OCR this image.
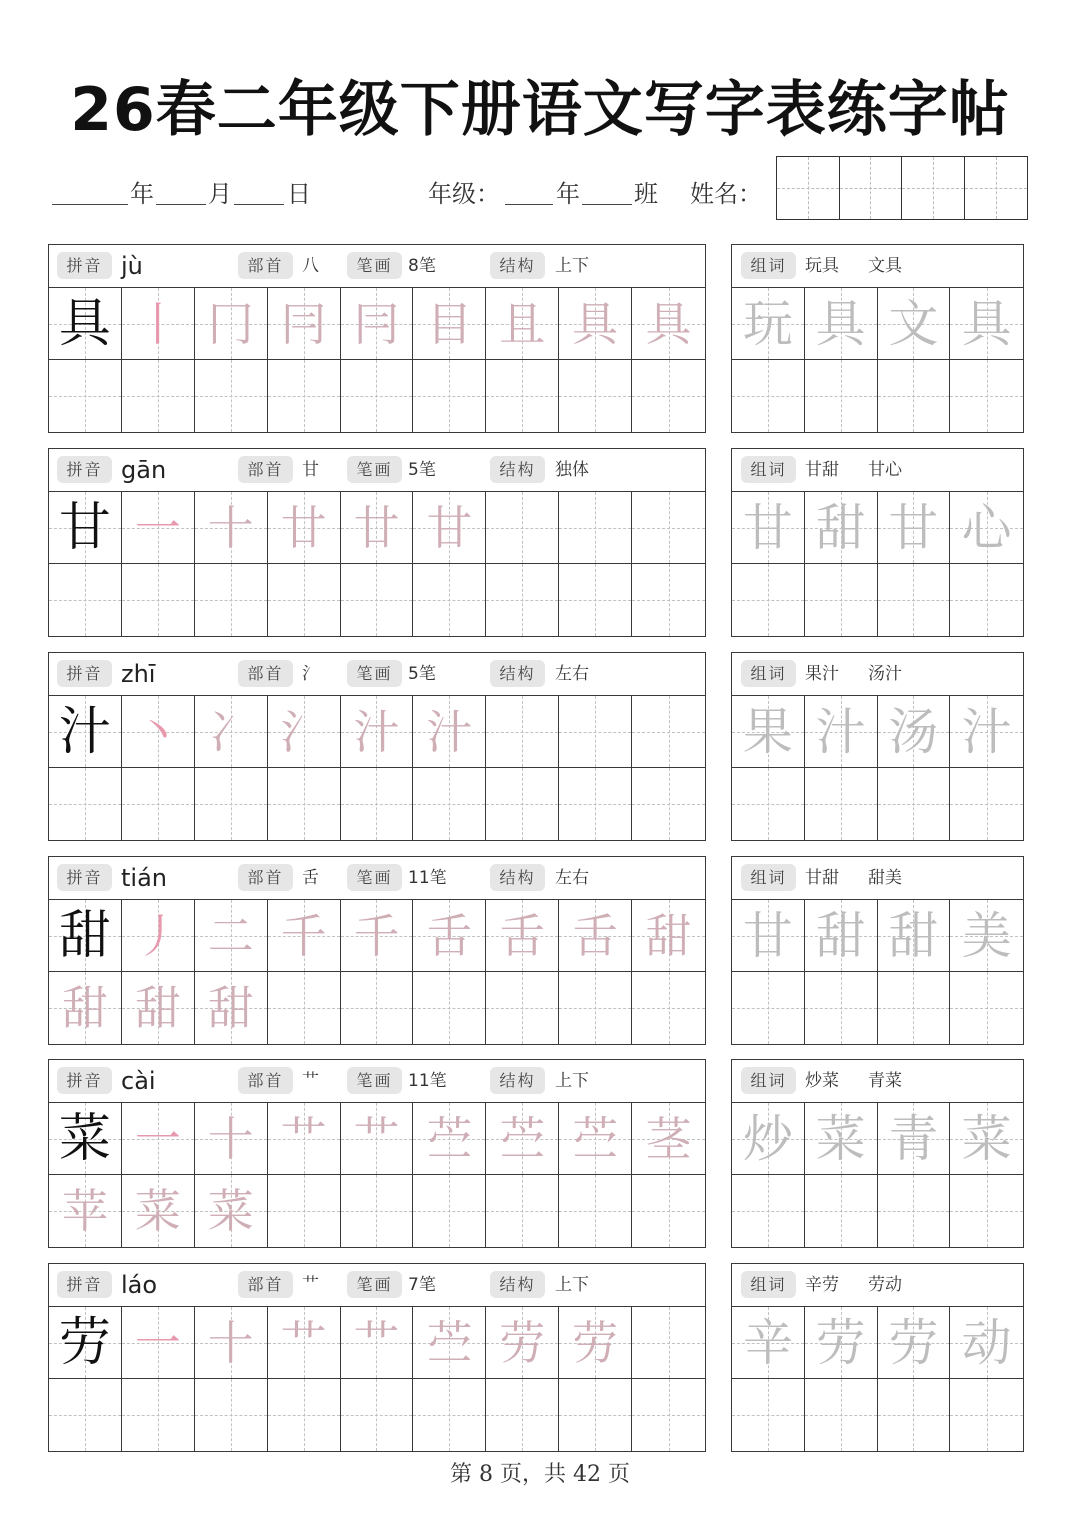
26春二年级下册语文写字表练字帖
年 月 日	年级： 年 班 姓名：
拼音 jù	部首	八	笔画 8笔	结构	上下
具 丨 冂 冃 冃 目 且 具 具
组词	玩具 文具
玩 具 文 具
拼音 gān	部首	甘	笔画 5笔	结构	独体
甘 一 十 廿 廿 甘
组词	甘甜 甘心
甘 甜 甘 心
拼音 zhī	部首	氵	笔画 5笔	结构	左右
汁 丶 冫 氵 汁 汁
组词	果汁 汤汁
果 汁 汤 汁
拼音 tián	部首	舌	笔画 11笔	结构	左右
甜 丿 二 千 千 舌 舌 舌 甜
甜 甜 甜
组词	甘甜 甜美
甘 甜 甜 美
拼音 cài	部首	艹	笔画 11笔	结构	上下
菜 一 十 艹 艹 苎 苎 苎 茎
苹 菜 菜
组词	炒菜 青菜
炒 菜 青 菜
拼音 láo	部首	艹	笔画 7笔	结构	上下
劳 一 十 艹 艹 苎 劳 劳
组词	辛劳 劳动
辛 劳 劳 动
第 8 页，共 42 页
